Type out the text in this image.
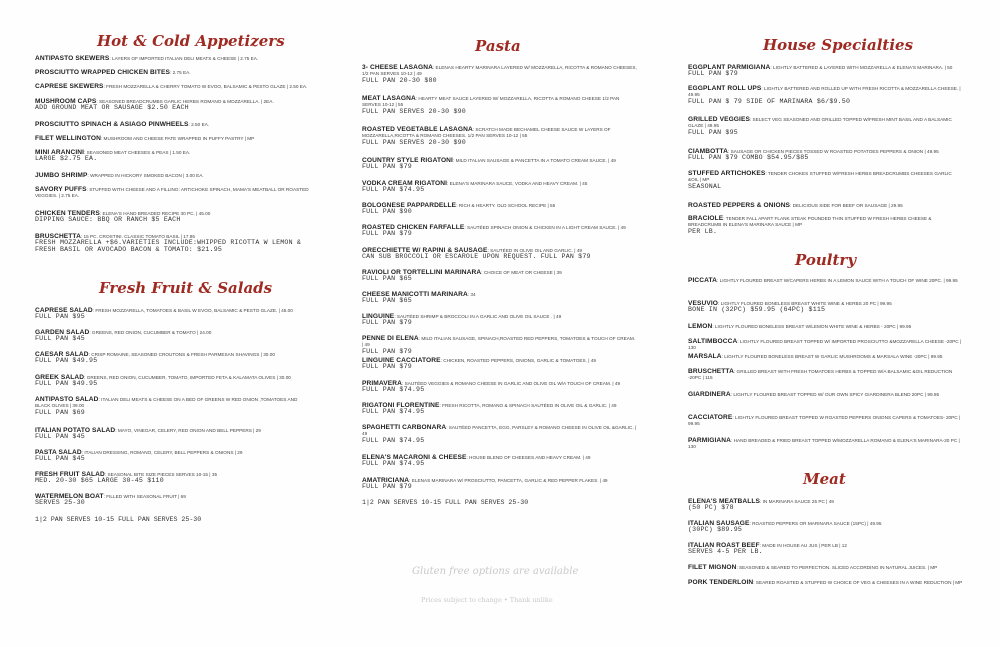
Hot & Cold Appetizers
ANTIPASTO SKEWERS: LAYERS OF IMPORTED ITALIAN DELI MEATS & CHEESE | 2.75 EA.
PROSCIUTTO WRAPPED CHICKEN BITES: 2.75 EA.
CAPRESE SKEWERS: FRESH MOZZARELLA & CHERRY TOMATO W EVOO, BALSAMIC & PESTO GLAZE | 2.50 EA.
MUSHROOM CAPS: SEASONED BREADCRUMBS GARLIC HERBS ROMANO & MOZZARELLA. | 2EA.
ADD GROUND MEAT OR SAUSAGE $2.50 EACH
PROSCIUTTO SPINACH & ASIAGO PINWHEELS: 2.50 EA.
FILET WELLINGTON: MUSHROOM AND CHEESE PATE WRAPPED IN PUFFY PASTRY | MP
MINI ARANCINI: SEASONED MEAT CHEESES & PEAS | 1.50 EA.
LARGE $2.75 EA.
JUMBO SHRIMP: WRAPPED IN HICKORY SMOKED BACON | 3.00 EA.
SAVORY PUFFS: STUFFED WITH CHEESE AND A FILLING: ARTICHOKE SPINACH, MAMA'S MEATBALL OR ROASTED VEGGIES. | 2.75 EA.
CHICKEN TENDERS: ELENA'S HAND BREADED RECIPE 30 PC. | 45.00
DIPPING SAUCE: BBQ OR RANCH $5 EACH
BRUSCHETTA: 15 PC. CROSTINI. CLASSIC TOMATO BASIL | 17.95
FRESH MOZZARELLA +$6.VARIETIES INCLUDE:WHIPPED RICOTTA W LEMON & FRESH BASIL OR AVOCADO BACON & TOMATO: $21.95
Fresh Fruit & Salads
CAPRESE SALAD: FRESH MOZZARELLA, TOMATOES & BASIL W EVOO, BALSAMIC & PESTO GLAZE. | 45.00
FULL PAN $95
GARDEN SALAD: GREENS, RED ONION, CUCUMBER & TOMATO | 24.00
FULL PAN $45
CAESAR SALAD: CRISP ROMAINE, SEASONED CROUTONS & FRESH PARMESAN SHAVINGS | 30.00
FULL PAN $49.95
GREEK SALAD: GREENS, RED ONION, CUCUMBER, TOMATO, IMPORTED FETA & KALAMATA OLIVES | 30.00
FULL PAN $49.95
ANTIPASTO SALAD: ITALIAN DELI MEATS & CHEESE ON A BED OF GREENS W RED ONION ,TOMATOES AND BLACK OLIVES | 39.00
FULL PAN $69
ITALIAN POTATO SALAD: MAYO, VINEGAR, CELERY, RED ONION AND BELL PEPPERS | 29
FULL PAN $45
PASTA SALAD: ITALIAN DRESSING, ROMANO, CELERY, BELL PEPPERS & ONIONS | 29
FULL PAN $45
FRESH FRUIT SALAD: SEASONAL BITE SIZE PIECES SERVES 10-15 | 35
MED. 20-30 $65 LARGE 30-45 $110
WATERMELON BOAT: FILLED WITH SEASONAL FRUIT | 69
SERVES 25-30
1|2 PAN SERVES 10-15 FULL PAN SERVES 25-30
Pasta
3- CHEESE LASAGNA: ELENAS HEARTY MARINARA LAYERED W/ MOZZARELLA, RICOTTA & ROMANO CHEESES, 1/2 PAN SERVES 10-12 | 49
FULL PAN 20-30 $80
MEAT LASAGNA: HEARTY MEAT SAUCE LAYERED W/ MOZZARELLA, RICOTTA & ROMANO CHEESE 1/2 PAN SERVES 10-12 | 55
FULL PAN SERVES 20-30 $90
ROASTED VEGETABLE LASAGNA: SCRATCH MADE BECHAMEL CHEESE SAUCE W LAYERS OF MOZZARELLA,RICOTTA & ROMANO CHEESES. 1/2 PAN SERVES 10-12 | 55
FULL PAN SERVES 20-30 $90
COUNTRY STYLE RIGATONI: MILD ITALIAN SAUSAGE & PANCETTA IN A TOMATO CREAM SAUCE. | 49
FULL PAN $79
VODKA CREAM RIGATONI: ELENA'S MARINARA SAUCE, VODKA AND HEAVY CREAM. | 45
FULL PAN $74.95
BOLOGNESE PAPPARDELLE: RICH & HEARTY. OLD SCHOOL RECIPE | 55
FULL PAN $90
ROASTED CHICKEN FARFALLE: SAUTÉED SPINACH ONION & CHICKEN IN A LIGHT CREAM SAUCE. | 49
FULL PAN $79
ORECCHIETTE W/ RAPINI & SAUSAGE: SAUTÉED IN OLIVE OIL AND GARLIC. | 49
CAN SUB BROCCOLI OR ESCAROLE UPON REQUEST. FULL PAN $79
RAVIOLI OR TORTELLINI MARINARA: CHOICE OF MEAT OR CHEESE | 39
FULL PAN $65
CHEESE MANICOTTI MARINARA: 34
FULL PAN $65
LINGUINE: SAUTÉED SHRIMP & BROCCOLI IN A GARLIC AND OLIVE OIL SAUCE . | 49
FULL PAN $79
PENNE DI ELENA: MILD ITALIAN SAUSAGE, SPINACH,ROASTED RED PEPPERS, TOMATOES & TOUCH OF CREAM. | 49
FULL PAN $79
LINGUINE CACCIATORE: CHICKEN, ROASTED PEPPERS, ONIONS, GARLIC & TOMATOES. | 49
FULL PAN $79
PRIMAVERA: SAUTÉED VEGGIES & ROMANO CHEESE IN GARLIC AND OLIVE OIL W/A TOUCH OF CREAM. | 49
FULL PAN $74.95
RIGATONI FLORENTINE: FRESH RICOTTA, ROMANO & SPINACH SAUTÉED IN OLIVE OIL & GARLIC. | 49
FULL PAN $74.95
SPAGHETTI CARBONARA: SAUTÉED PANCETTA, EGG, PARSLEY & ROMANO CHEESE IN OLIVE OIL &GARLIC. | 49
FULL PAN $74.95
ELENA'S MACARONI & CHEESE: HOUSE BLEND OF CHEESES AND HEAVY CREAM. | 49
FULL PAN $74.95
AMATRICIANA: ELENAS MARINARA W/ PROSCIUTTO, PANCETTA, GARLIC & RED PEPPER FLAKES. | 49
FULL PAN $79
1|2 PAN SERVES 10-15 FULL PAN SERVES 25-30
House Specialties
EGGPLANT PARMIGIANA: LIGHTLY BATTERED & LAYERED WITH MOZZARELLA & ELENA'S MARINARA. | 50
FULL PAN $79
EGGPLANT ROLL UPS: LIGHTLY BATTERED AND ROLLED UP WITH FRESH RICOTTA & MOZZARELLA CHEESE. | 49.95
FULL PAN $ 79 SIDE OF MARINARA $6/$9.50
GRILLED VEGGIES: SELECT VEG SEASONED AND GRILLED TOPPED W/FRESH MINT BASIL AND A BALSAMIC GLAZE | 49.95
FULL PAN $95
CIAMBOTTA: SAUSAGE OR CHICKEN PIECES TOSSED W ROASTED POTATOES PEPPERS & ONION | 49.95
FULL PAN $79 COMBO $54.95/$85
STUFFED ARTICHOKES: TENDER CHOKES STUFFED W/FRESH HERBS BREADCRUMBS CHEESES GARLIC &OIL | MP
SEASONAL
ROASTED PEPPERS & ONIONS: DELICIOUS SIDE FOR BEEF OR SAUSAGE | 29.95
BRACIOLE: TENDER FALL APART FLANK STEAK POUNDED THIN STUFFED W FRESH HERBS CHEESE & BREADCRUMB IN ELENA'S MARINARA SAUCE | MP
PER LB.
Poultry
PICCATA: LIGHTLY FLOURED BREAST W/CAPERS HERBS IN A LEMON SAUCE WITH A TOUCH OF WINE 20PC. | 99.95
VESUVIO: LIGHTLY FLOURED BONELESS BREAST WHITE WINE & HERBS 20 PC | 99.95
BONE IN (32PC) $59.95 (64PC) $115
LEMON: LIGHTLY FLOURED BONELESS BREAST W/LEMON WHITE WINE & HERBS - 20PC | 99.95
SALTIMBOCCA: LIGHTLY FLOURED BREAST TOPPED W/ IMPORTED PROSCIUTTO &MOZZARELLA CHEESE -20PC | 130
MARSALA: LIGHTLY FLOURED BONELESS BREAST W GARLIC MUSHROOMS & MARSALA WINE -20PC | 99.95
BRUSCHETTA: GRILLED BREAST WITH FRESH TOMATOES HERBS & TOPPED W/A BALSAMIC &OIL REDUCTION -20PC | 115
GIARDINERA: LIGHTLY FLOURED BREAST TOPPED W/ OUR OWN SPICY GIARDINERA BLEND 20PC | 99.95
CACCIATORE: LIGHTLY FLOURED BREAST TOPPED W ROASTED PEPPERS ONIONS CAPERS & TOMATOES- 20PC | 99.95
PARMIGIANA: HAND BREADED & FRIED BREAST TOPPED W/MOZZARELLA ROMANO & ELENA'S MARINARA-20 PC | 130
Meat
ELENA'S MEATBALLS: IN MARINARA SAUCE 25 PC | 49
(50 PC) $78
ITALIAN SAUSAGE: ROASTED PEPPERS OR MARINARA SAUCE (15PC) | 49.95
(30PC) $89.95
ITALIAN ROAST BEEF: MADE IN HOUSE AU JUS | PER LB | 12
SERVES 4-5 PER LB.
FILET MIGNON: SEASONED & SEARED TO PERFECTION. SLICED ACCORDING IN NATURAL JUICES. | MP
PORK TENDERLOIN: SEARED ROASTED & STUFFED W CHOICE OF VEG & CHEESES IN A WINE REDUCTION | MP
Gluten free options are available
Prices subject to change • Thank unlike
